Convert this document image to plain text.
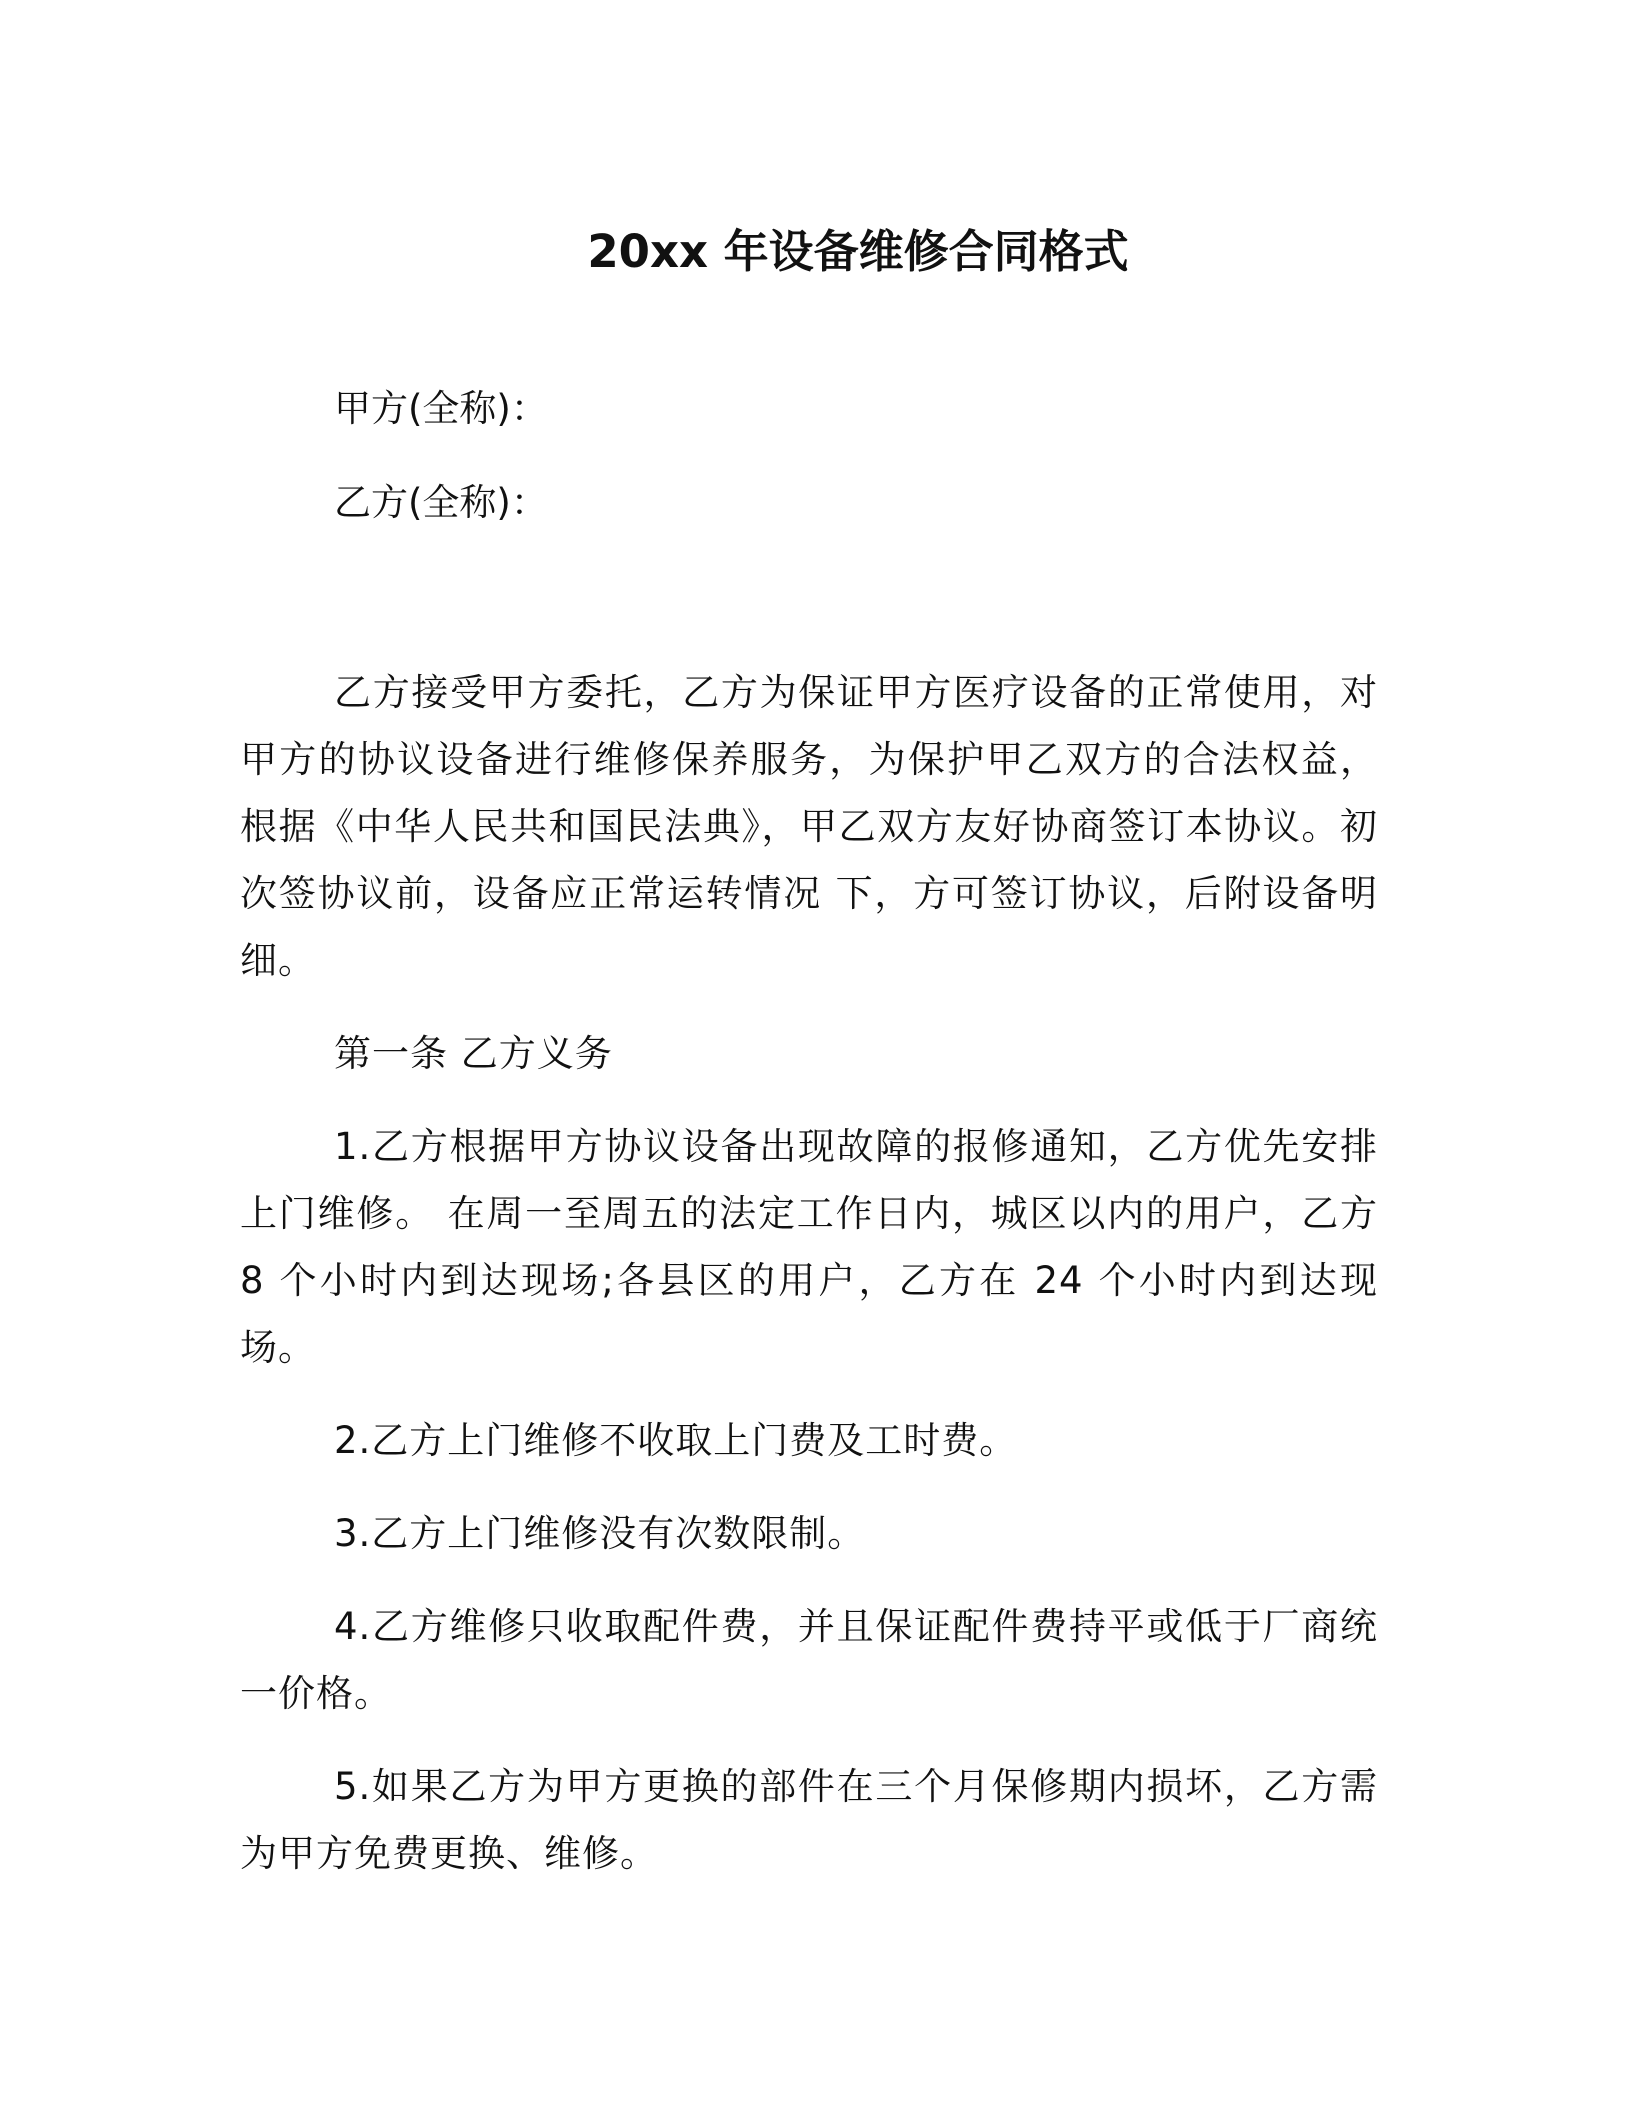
20xx 年设备维修合同格式
甲方(全称)：
乙方(全称)：

乙方接受甲方委托，乙方为保证甲方医疗设备的正常使用，对甲方的协议设备进行维修保养服务，为保护甲乙双方的合法权益，根据《中华人民共和国民法典》，甲乙双方友好协商签订本协议。初次签协议前，设备应正常运转情况 下，方可签订协议，后附设备明细。

第一条 乙方义务

1.乙方根据甲方协议设备出现故障的报修通知，乙方优先安排上门维修。 在周一至周五的法定工作日内，城区以内的用户，乙方 8 个小时内到达现场;各县区的用户，乙方在 24 个小时内到达现场。

2.乙方上门维修不收取上门费及工时费。

3.乙方上门维修没有次数限制。

4.乙方维修只收取配件费，并且保证配件费持平或低于厂商统一价格。

5.如果乙方为甲方更换的部件在三个月保修期内损坏，乙方需为甲方免费更换、维修。
